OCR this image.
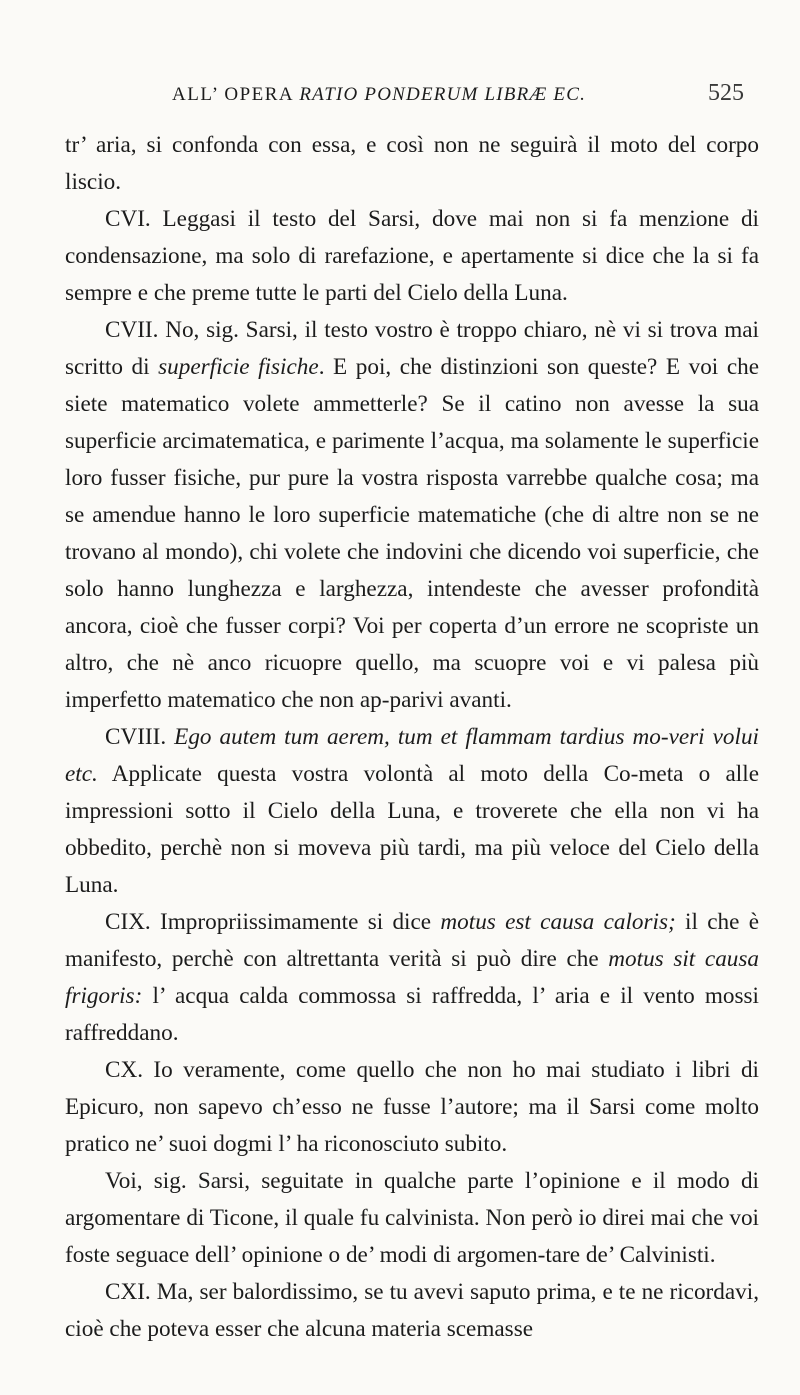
ALL’ OPERA RATIO PONDERUM LIBRÆ EC.	525

tr’ aria, si confonda con essa, e così non ne seguirà il moto del corpo liscio.

CVI. Leggasi il testo del Sarsi, dove mai non si fa menzione di condensazione, ma solo di rarefazione, e apertamente si dice che la si fa sempre e che preme tutte le parti del Cielo della Luna.

CVII. No, sig. Sarsi, il testo vostro è troppo chiaro, nè vi si trova mai scritto di superficie fisiche. E poi, che distinzioni son queste? E voi che siete matematico volete ammetterle? Se il catino non avesse la sua superficie arcimatematica, e parimente l’acqua, ma solamente le superficie loro fusser fisiche, pur pure la vostra risposta varrebbe qualche cosa; ma se amendue hanno le loro superficie matematiche (che di altre non se ne trovano al mondo), chi volete che indovini che dicendo voi superficie, che solo hanno lunghezza e larghezza, intendeste che avesser profondità ancora, cioè che fusser corpi? Voi per coperta d’un errore ne scopriste un altro, che nè anco ricuopre quello, ma scuopre voi e vi palesa più imperfetto matematico che non ap-parivi avanti.

CVIII. Ego autem tum aerem, tum et flammam tardius mo-veri volui etc. Applicate questa vostra volontà al moto della Co-meta o alle impressioni sotto il Cielo della Luna, e troverete che ella non vi ha obbedito, perchè non si moveva più tardi, ma più veloce del Cielo della Luna.

CIX. Impropriissimamente si dice motus est causa caloris; il che è manifesto, perchè con altrettanta verità si può dire che motus sit causa frigoris: l’ acqua calda commossa si raffredda, l’ aria e il vento mossi raffreddano.

CX. Io veramente, come quello che non ho mai studiato i libri di Epicuro, non sapevo ch’esso ne fusse l’autore; ma il Sarsi come molto pratico ne’ suoi dogmi l’ ha riconosciuto subito.

Voi, sig. Sarsi, seguitate in qualche parte l’opinione e il modo di argomentare di Ticone, il quale fu calvinista. Non però io direi mai che voi foste seguace dell’ opinione o de’ modi di argomen-tare de’ Calvinisti.

CXI. Ma, ser balordissimo, se tu avevi saputo prima, e te ne ricordavi, cioè che poteva esser che alcuna materia scemasse
